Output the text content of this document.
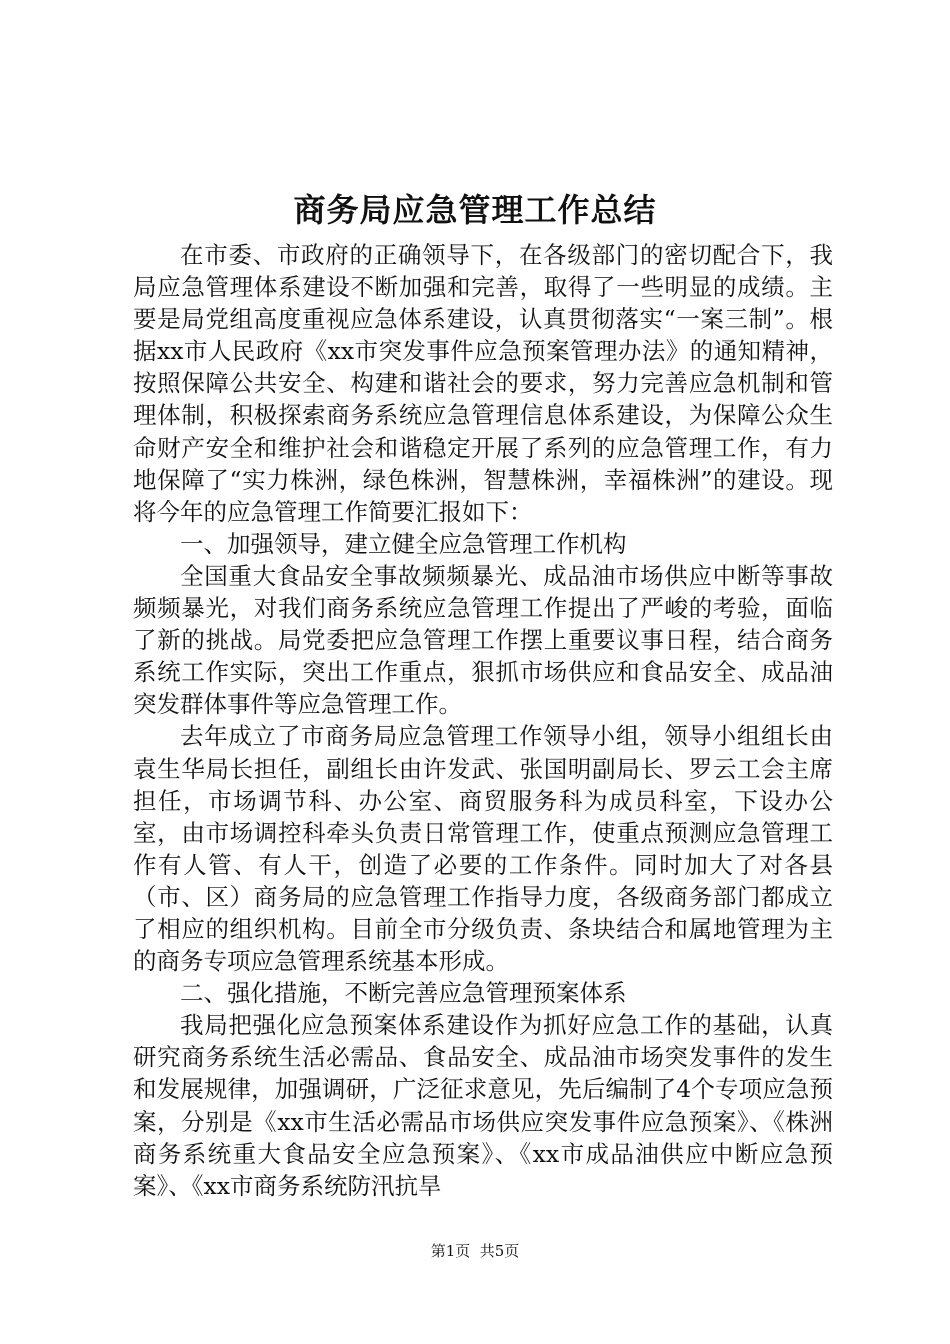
商务局应急管理工作总结

在市委、市政府的正确领导下，在各级部门的密切配合下，我局应急管理体系建设不断加强和完善，取得了一些明显的成绩。主要是局党组高度重视应急体系建设，认真贯彻落实“一案三制”。根据xx市人民政府《xx市突发事件应急预案管理办法》的通知精神，按照保障公共安全、构建和谐社会的要求，努力完善应急机制和管理体制，积极探索商务系统应急管理信息体系建设，为保障公众生命财产安全和维护社会和谐稳定开展了系列的应急管理工作，有力地保障了“实力株洲，绿色株洲，智慧株洲，幸福株洲”的建设。现将今年的应急管理工作简要汇报如下：

一、加强领导，建立健全应急管理工作机构

全国重大食品安全事故频频暴光、成品油市场供应中断等事故频频暴光，对我们商务系统应急管理工作提出了严峻的考验，面临了新的挑战。局党委把应急管理工作摆上重要议事日程，结合商务系统工作实际，突出工作重点，狠抓市场供应和食品安全、成品油突发群体事件等应急管理工作。

去年成立了市商务局应急管理工作领导小组，领导小组组长由袁生华局长担任，副组长由许发武、张国明副局长、罗云工会主席担任，市场调节科、办公室、商贸服务科为成员科室，下设办公室，由市场调控科牵头负责日常管理工作，使重点预测应急管理工作有人管、有人干，创造了必要的工作条件。同时加大了对各县（市、区）商务局的应急管理工作指导力度，各级商务部门都成立了相应的组织机构。目前全市分级负责、条块结合和属地管理为主的商务专项应急管理系统基本形成。

二、强化措施，不断完善应急管理预案体系

我局把强化应急预案体系建设作为抓好应急工作的基础，认真研究商务系统生活必需品、食品安全、成品油市场突发事件的发生和发展规律，加强调研，广泛征求意见，先后编制了4个专项应急预案，分别是《xx市生活必需品市场供应突发事件应急预案》、《株洲商务系统重大食品安全应急预案》、《xx市成品油供应中断应急预案》、《xx市商务系统防汛抗旱

第1页  共5页
